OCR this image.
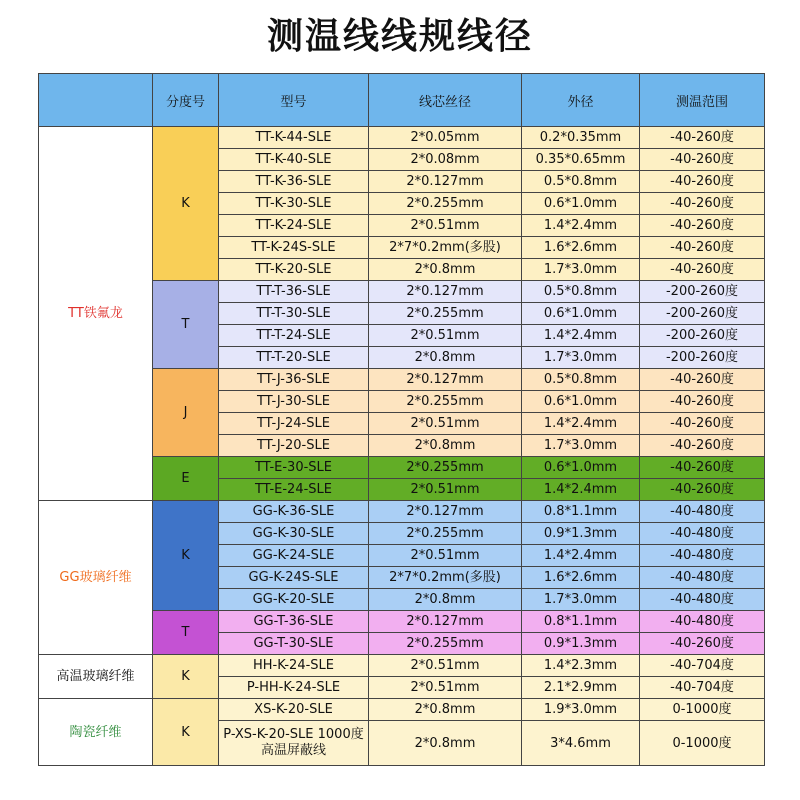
测温线线规线径
	分度号	型号	线芯丝径	外径	测温范围
TT铁氟龙	K	TT-K-44-SLE	2*0.05mm	0.2*0.35mm	-40-260度
		TT-K-40-SLE	2*0.08mm	0.35*0.65mm	-40-260度
		TT-K-36-SLE	2*0.127mm	0.5*0.8mm	-40-260度
		TT-K-30-SLE	2*0.255mm	0.6*1.0mm	-40-260度
		TT-K-24-SLE	2*0.51mm	1.4*2.4mm	-40-260度
		TT-K-24S-SLE	2*7*0.2mm(多股)	1.6*2.6mm	-40-260度
		TT-K-20-SLE	2*0.8mm	1.7*3.0mm	-40-260度
	T	TT-T-36-SLE	2*0.127mm	0.5*0.8mm	-200-260度
		TT-T-30-SLE	2*0.255mm	0.6*1.0mm	-200-260度
		TT-T-24-SLE	2*0.51mm	1.4*2.4mm	-200-260度
		TT-T-20-SLE	2*0.8mm	1.7*3.0mm	-200-260度
	J	TT-J-36-SLE	2*0.127mm	0.5*0.8mm	-40-260度
		TT-J-30-SLE	2*0.255mm	0.6*1.0mm	-40-260度
		TT-J-24-SLE	2*0.51mm	1.4*2.4mm	-40-260度
		TT-J-20-SLE	2*0.8mm	1.7*3.0mm	-40-260度
	E	TT-E-30-SLE	2*0.255mm	0.6*1.0mm	-40-260度
		TT-E-24-SLE	2*0.51mm	1.4*2.4mm	-40-260度
GG玻璃纤维	K	GG-K-36-SLE	2*0.127mm	0.8*1.1mm	-40-480度
		GG-K-30-SLE	2*0.255mm	0.9*1.3mm	-40-480度
		GG-K-24-SLE	2*0.51mm	1.4*2.4mm	-40-480度
		GG-K-24S-SLE	2*7*0.2mm(多股)	1.6*2.6mm	-40-480度
		GG-K-20-SLE	2*0.8mm	1.7*3.0mm	-40-480度
	T	GG-T-36-SLE	2*0.127mm	0.8*1.1mm	-40-480度
		GG-T-30-SLE	2*0.255mm	0.9*1.3mm	-40-260度
高温玻璃纤维	K	HH-K-24-SLE	2*0.51mm	1.4*2.3mm	-40-704度
		P-HH-K-24-SLE	2*0.51mm	2.1*2.9mm	-40-704度
陶瓷纤维	K	XS-K-20-SLE	2*0.8mm	1.9*3.0mm	0-1000度
		P-XS-K-20-SLE 1000度高温屏蔽线	2*0.8mm	3*4.6mm	0-1000度
